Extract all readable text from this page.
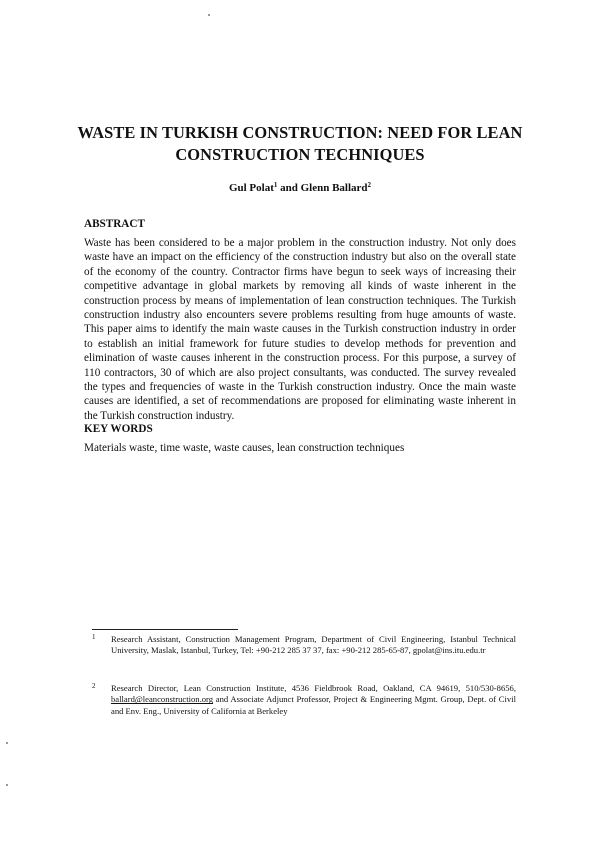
WASTE IN TURKISH CONSTRUCTION: NEED FOR LEAN CONSTRUCTION TECHNIQUES
Gul Polat$^1$ and Glenn Ballard$^2$
ABSTRACT
Waste has been considered to be a major problem in the construction industry. Not only does waste have an impact on the efficiency of the construction industry but also on the overall state of the economy of the country. Contractor firms have begun to seek ways of increasing their competitive advantage in global markets by removing all kinds of waste inherent in the construction process by means of implementation of lean construction techniques. The Turkish construction industry also encounters severe problems resulting from huge amounts of waste. This paper aims to identify the main waste causes in the Turkish construction industry in order to establish an initial framework for future studies to develop methods for prevention and elimination of waste causes inherent in the construction process. For this purpose, a survey of 110 contractors, 30 of which are also project consultants, was conducted. The survey revealed the types and frequencies of waste in the Turkish construction industry. Once the main waste causes are identified, a set of recommendations are proposed for eliminating waste inherent in the Turkish construction industry.
KEY WORDS
Materials waste, time waste, waste causes, lean construction techniques
1	Research Assistant, Construction Management Program, Department of Civil Engineering, Istanbul Technical University, Maslak, Istanbul, Turkey, Tel: +90-212 285 37 37, fax: +90-212 285-65-87, gpolat@ins.itu.edu.tr
2	Research Director, Lean Construction Institute, 4536 Fieldbrook Road, Oakland, CA 94619, 510/530-8656, ballard@leanconstruction.org and Associate Adjunct Professor, Project & Engineering Mgmt. Group, Dept. of Civil and Env. Eng., University of California at Berkeley
